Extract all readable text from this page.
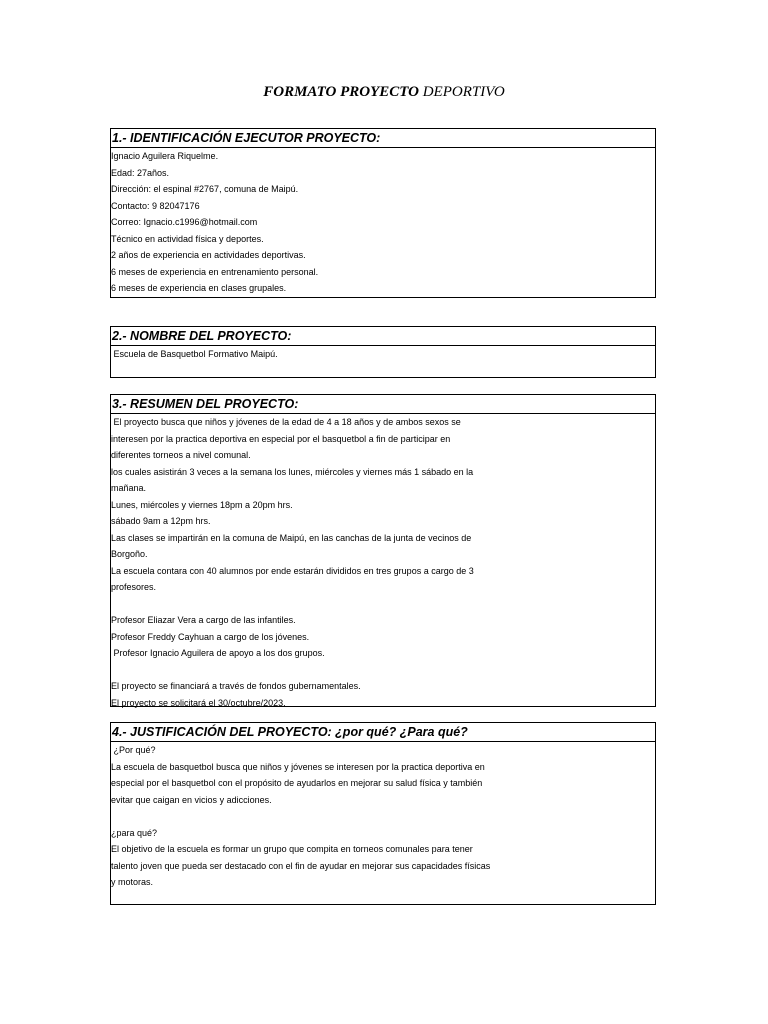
FORMATO PROYECTO DEPORTIVO
1.- IDENTIFICACIÓN EJECUTOR PROYECTO:
Ignacio Aguilera Riquelme.
Edad: 27años.
Dirección: el espinal #2767, comuna de Maipú.
Contacto: 9 82047176
Correo: Ignacio.c1996@hotmail.com
Técnico en actividad física y deportes.
2 años de experiencia en actividades deportivas.
6 meses de experiencia en entrenamiento personal.
6 meses de experiencia en clases grupales.
2.- NOMBRE DEL PROYECTO:
Escuela de Basquetbol Formativo Maipú.
3.- RESUMEN DEL PROYECTO:
El proyecto busca que niños y jóvenes de la edad de 4 a 18 años y de ambos sexos se
interesen por la practica deportiva en especial por el basquetbol a fin de participar en
diferentes torneos a nivel comunal.
los cuales asistirán 3 veces a la semana los lunes, miércoles y viernes más 1 sábado en la
mañana.
Lunes, miércoles y viernes 18pm a 20pm hrs.
sábado 9am a 12pm hrs.
Las clases se impartirán en la comuna de Maipú, en las canchas de la junta de vecinos de
Borgoño.
La escuela contara con 40 alumnos por ende estarán divididos en tres grupos a cargo de 3
profesores.
Profesor Eliazar Vera a cargo de las infantiles.
Profesor Freddy Cayhuan a cargo de los jóvenes.
Profesor Ignacio Aguilera de apoyo a los dos grupos.
El proyecto se financiará a través de fondos gubernamentales.
El proyecto se solicitará el 30/octubre/2023.
4.- JUSTIFICACIÓN DEL PROYECTO: ¿por qué? ¿Para qué?
¿Por qué?
La escuela de basquetbol busca que niños y jóvenes se interesen por la practica deportiva en
especial por el basquetbol con el propósito de ayudarlos en mejorar su salud física y también
evitar que caigan en vicios y adicciones.
¿para qué?
El objetivo de la escuela es formar un grupo que compita en torneos comunales para tener
talento joven que pueda ser destacado con el fin de ayudar en mejorar sus capacidades físicas
y motoras.
